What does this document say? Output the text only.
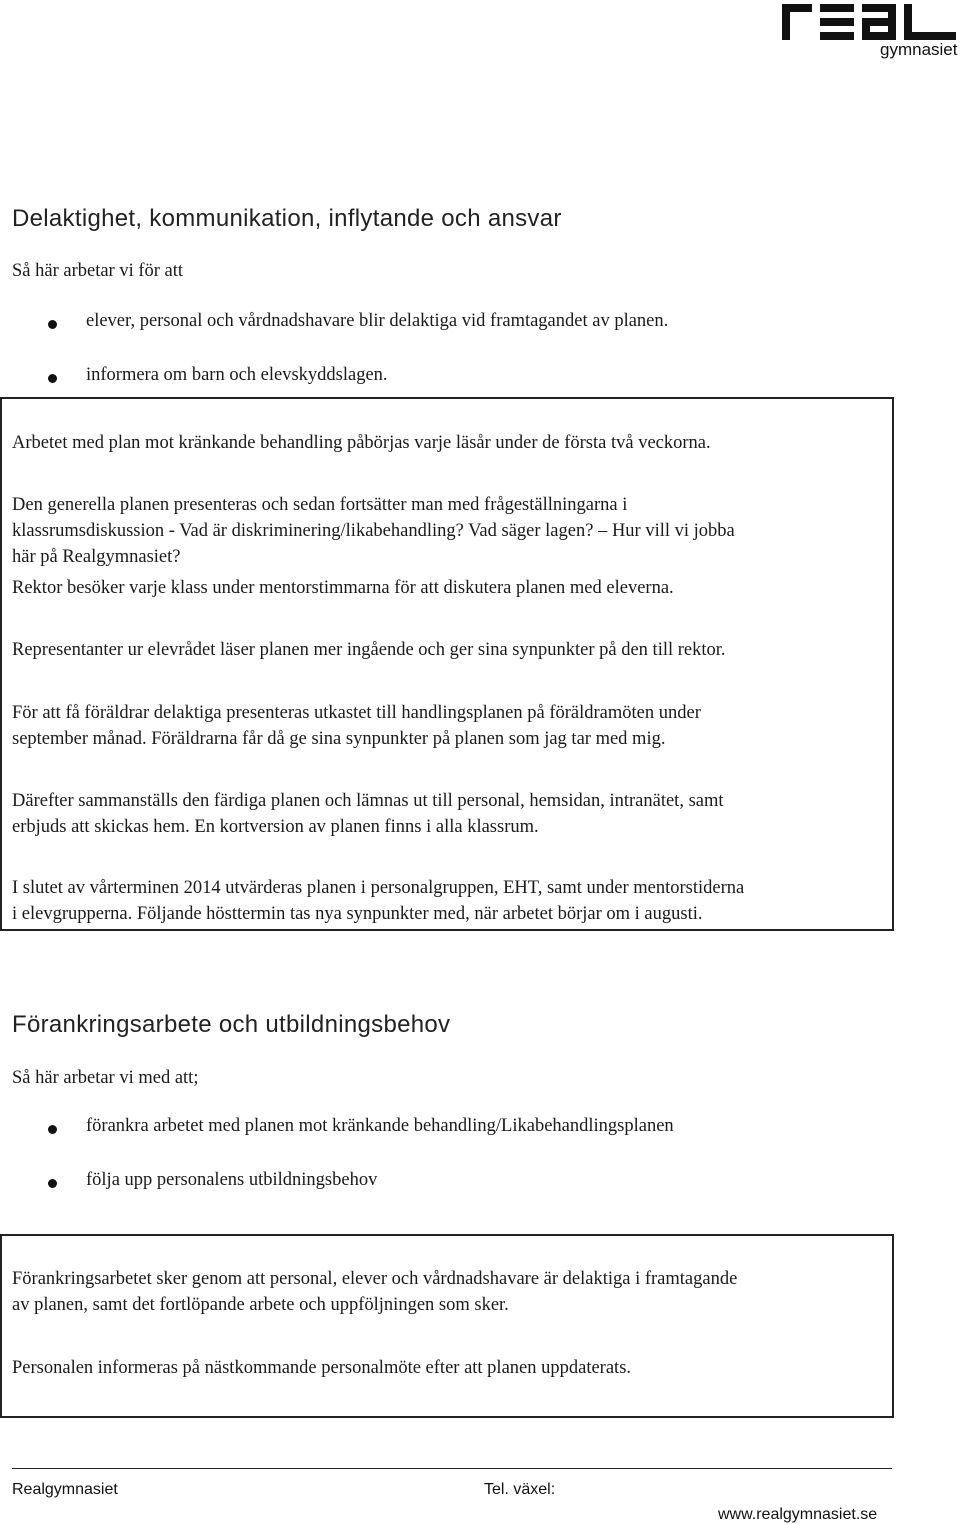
gymnasiet
Delaktighet, kommunikation, inflytande och ansvar
Så här arbetar vi för att
elever, personal och vårdnadshavare blir delaktiga vid framtagandet av planen.
informera om barn och elevskyddslagen.
Arbetet med plan mot kränkande behandling påbörjas varje läsår under de första två veckorna.
Den generella planen presenteras och sedan fortsätter man med frågeställningarna i
klassrumsdiskussion - Vad är diskriminering/likabehandling? Vad säger lagen? – Hur vill vi jobba
här på Realgymnasiet?
Rektor besöker varje klass under mentorstimmarna för att diskutera planen med eleverna.
Representanter ur elevrådet läser planen mer ingående och ger sina synpunkter på den till rektor.
För att få föräldrar delaktiga presenteras utkastet till handlingsplanen på föräldramöten under
september månad. Föräldrarna får då ge sina synpunkter på planen som jag tar med mig.
Därefter sammanställs den färdiga planen och lämnas ut till personal, hemsidan, intranätet, samt
erbjuds att skickas hem. En kortversion av planen finns i alla klassrum.
I slutet av vårterminen 2014 utvärderas planen i personalgruppen, EHT, samt under mentorstiderna
i elevgrupperna. Följande hösttermin tas nya synpunkter med, när arbetet börjar om i augusti.
Förankringsarbete och utbildningsbehov
Så här arbetar vi med att;
förankra arbetet med planen mot kränkande behandling/Likabehandlingsplanen
följa upp personalens utbildningsbehov
Förankringsarbetet sker genom att personal, elever och vårdnadshavare är delaktiga i framtagande
av planen, samt det fortlöpande arbete och uppföljningen som sker.
Personalen informeras på nästkommande personalmöte efter att planen uppdaterats.
Realgymnasiet	Tel. växel:
www.realgymnasiet.se
